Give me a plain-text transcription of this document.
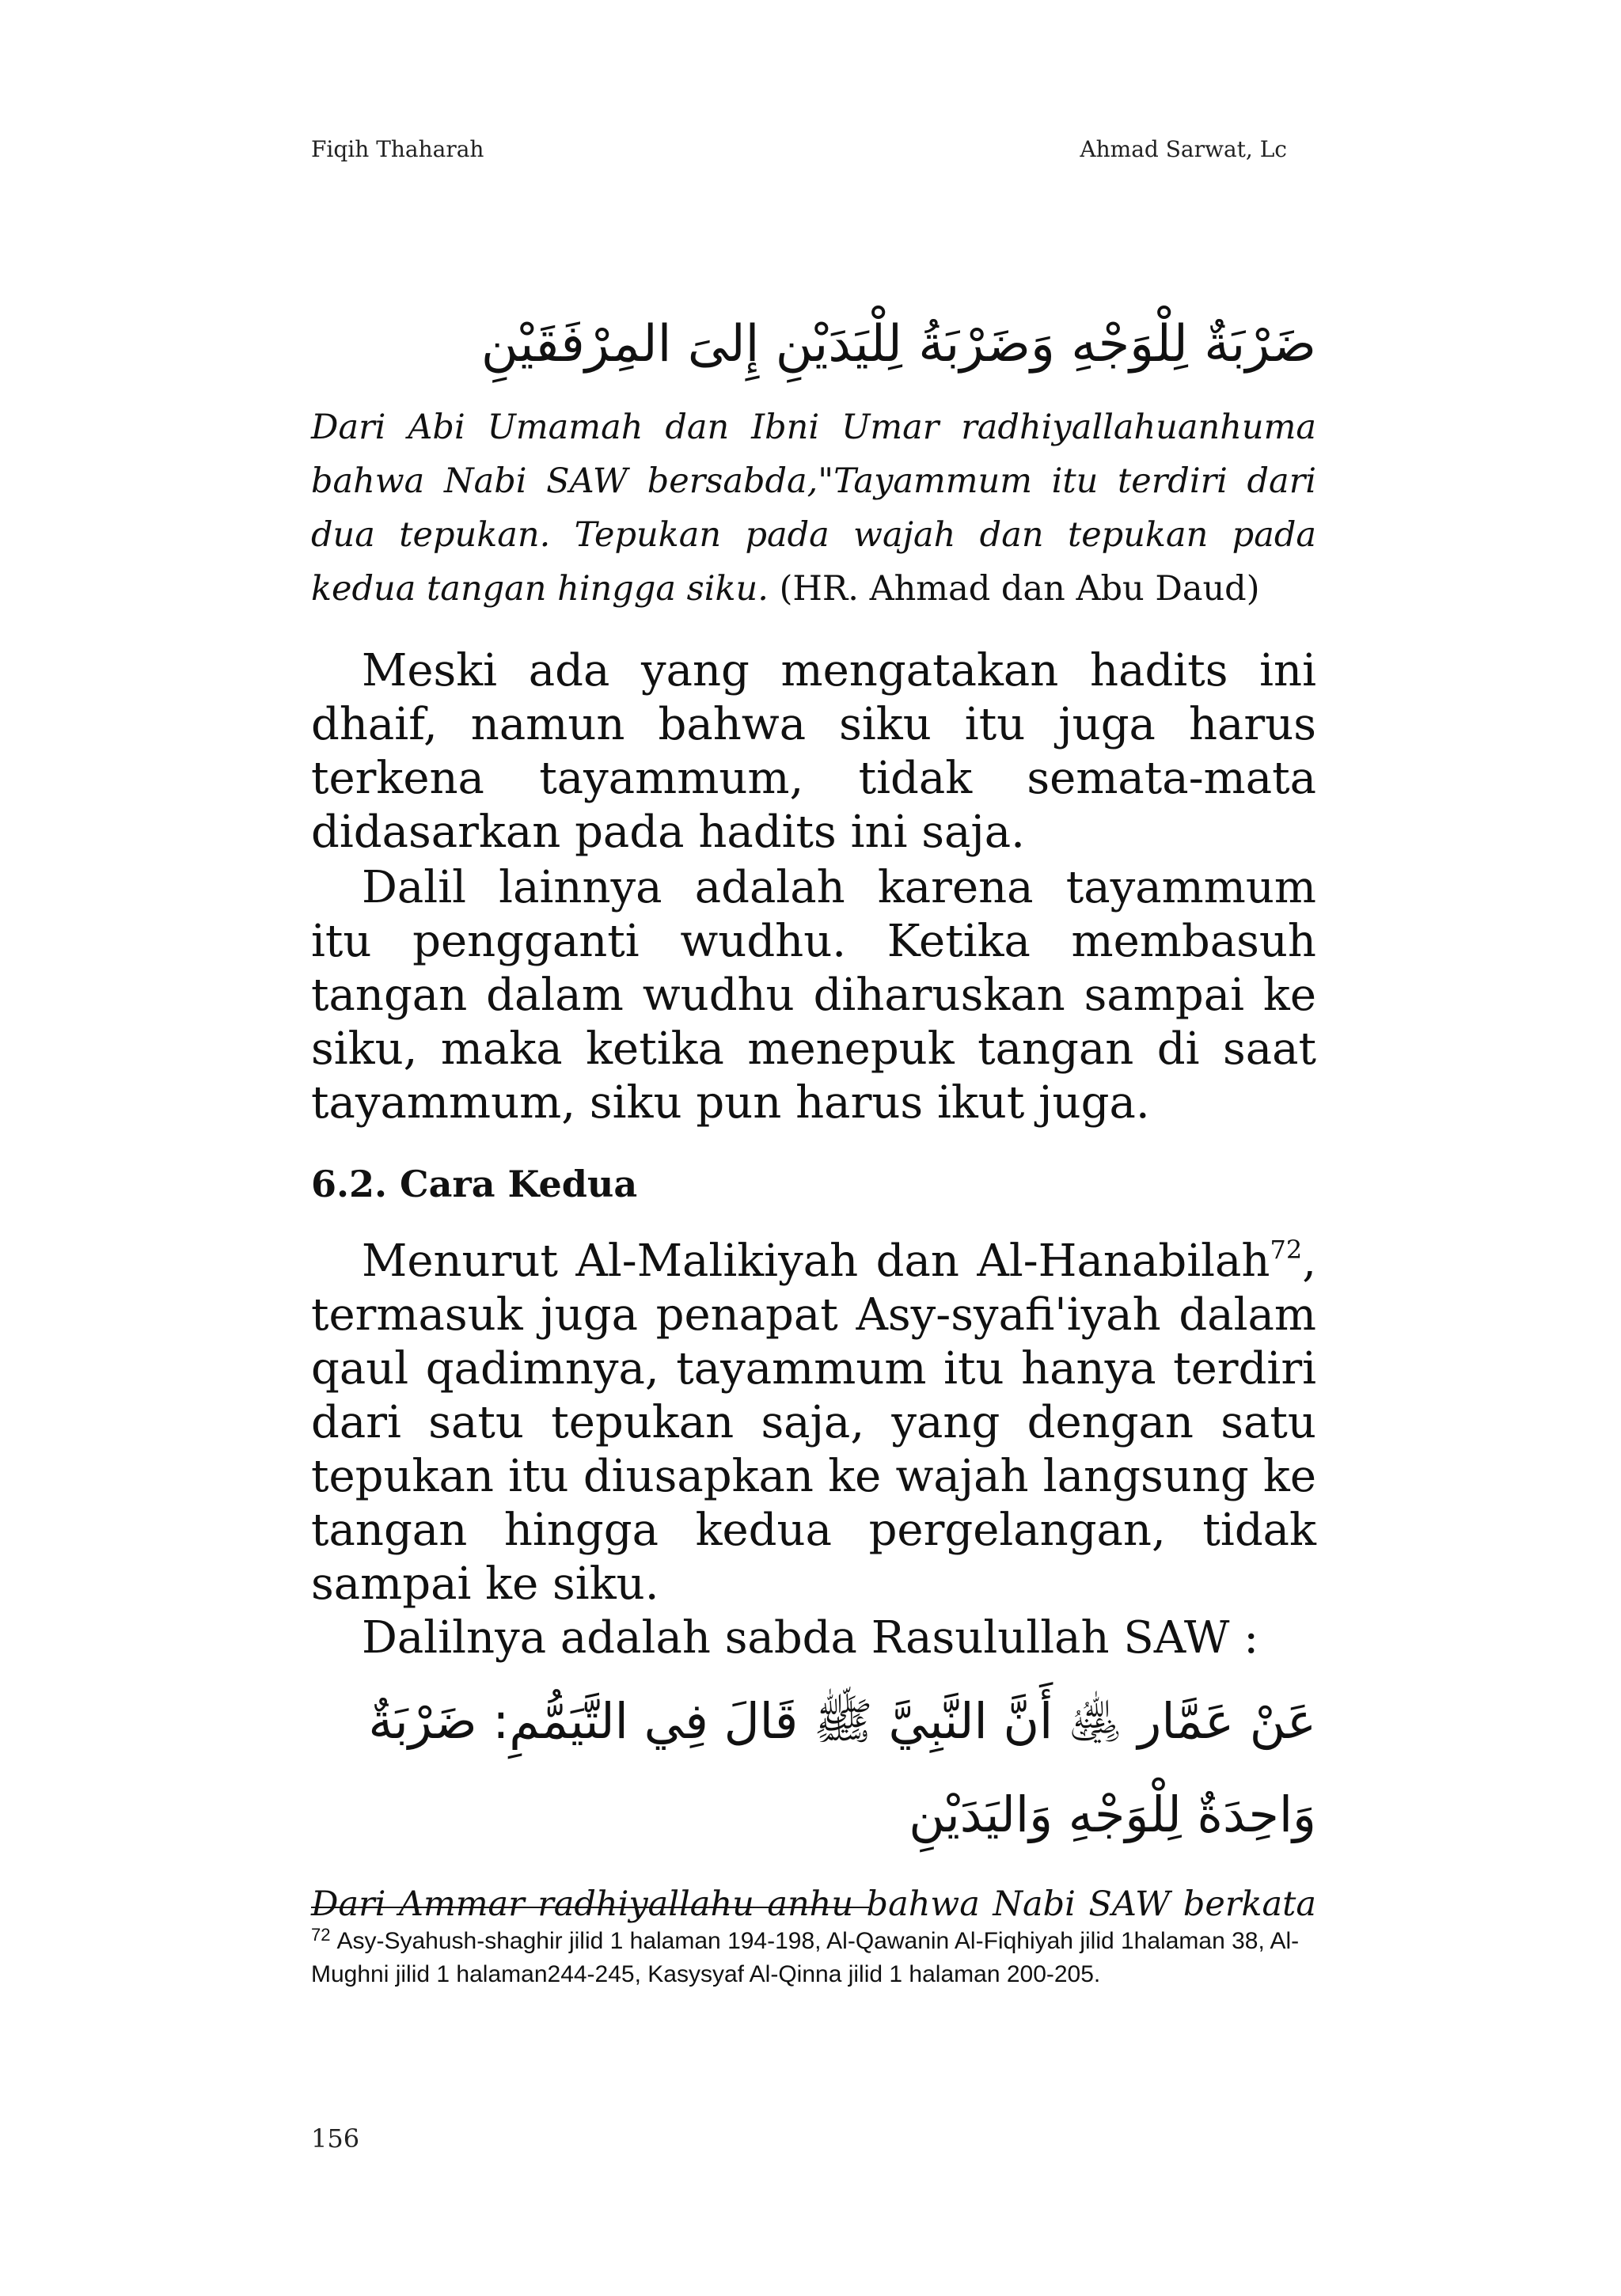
Fiqih Thaharah	Ahmad Sarwat, Lc
ضَرْبَةٌ لِلْوَجْهِ وَضَرْبَةُ لِلْيَدَيْنِ إِلىَ المِرْفَقَيْنِ

Dari Abi Umamah dan Ibni Umar radhiyallahuanhuma bahwa Nabi SAW bersabda,"Tayammum itu terdiri dari dua tepukan. Tepukan pada wajah dan tepukan pada kedua tangan hingga siku. (HR. Ahmad dan Abu Daud)

Meski ada yang mengatakan hadits ini dhaif, namun bahwa siku itu juga harus terkena tayammum, tidak semata-mata didasarkan pada hadits ini saja.

Dalil lainnya adalah karena tayammum itu pengganti wudhu. Ketika membasuh tangan dalam wudhu diharuskan sampai ke siku, maka ketika menepuk tangan di saat tayammum, siku pun harus ikut juga.

6.2. Cara Kedua

Menurut Al-Malikiyah dan Al-Hanabilah$^{72}$, termasuk juga penapat Asy-syafi'iyah dalam qaul qadimnya, tayammum itu hanya terdiri dari satu tepukan saja, yang dengan satu tepukan itu diusapkan ke wajah langsung ke tangan hingga kedua pergelangan, tidak sampai ke siku.

Dalilnya adalah sabda Rasulullah SAW :

عَنْ عَمَّار ﵁ أَنَّ النَّبِيَّ ﷺ قَالَ فِي التَّيَمُّمِ: ضَرْبَةٌ وَاحِدَةٌ لِلْوَجْهِ وَاليَدَيْنِ

Dari Ammar radhiyallahu anhu bahwa Nabi SAW berkata

$^{72}$ Asy-Syahush-shaghir jilid 1 halaman 194-198, Al-Qawanin Al-Fiqhiyah jilid 1halaman 38, Al-Mughni jilid 1 halaman244-245, Kasysyaf Al-Qinna jilid 1 halaman 200-205.
156
